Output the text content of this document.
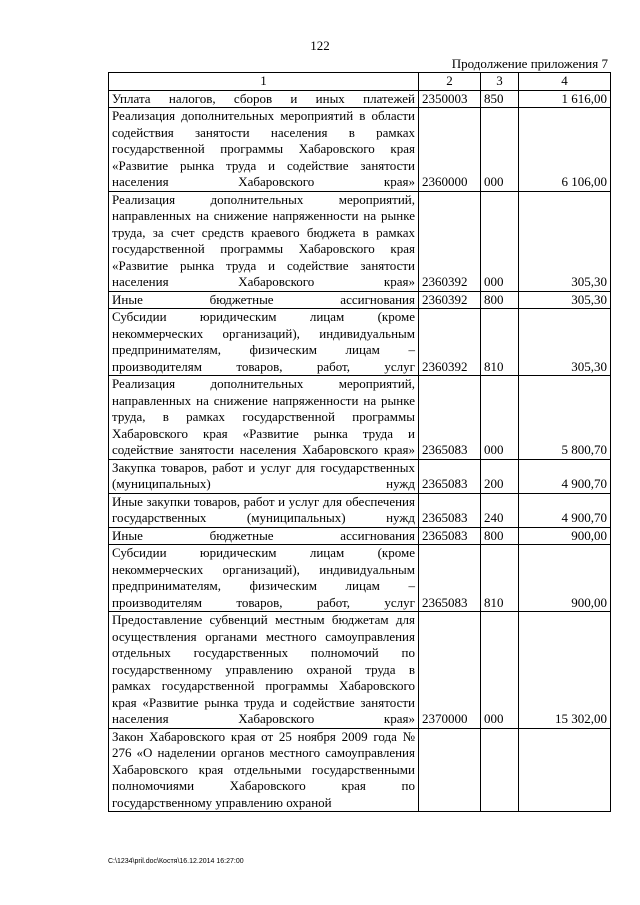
122
Продолжение приложения 7
1	2	3	4
Уплата налогов, сборов и иных платежей	2350003	850	1 616,00
Реализация дополнительных мероприятий в области содействия занятости населения в рамках государственной программы Хабаровского края «Развитие рынка труда и содействие занятости населения Хабаровского края»	2360000	000	6 106,00
Реализация дополнительных мероприятий, направленных на снижение напряженности на рынке труда, за счет средств краевого бюджета в рамках государственной программы Хабаровского края «Развитие рынка труда и содействие занятости населения Хабаровского края»	2360392	000	305,30
Иные бюджетные ассигнования	2360392	800	305,30
Субсидии юридическим лицам (кроме некоммерческих организаций), индивидуальным предпринимателям, физическим лицам – производителям товаров, работ, услуг	2360392	810	305,30
Реализация дополнительных мероприятий, направленных на снижение напряженности на рынке труда, в рамках государственной программы Хабаровского края «Развитие рынка труда и содействие занятости населения Хабаровского края»	2365083	000	5 800,70
Закупка товаров, работ и услуг для государственных (муниципальных) нужд	2365083	200	4 900,70
Иные закупки товаров, работ и услуг для обеспечения государственных (муниципальных) нужд	2365083	240	4 900,70
Иные бюджетные ассигнования	2365083	800	900,00
Субсидии юридическим лицам (кроме некоммерческих организаций), индивидуальным предпринимателям, физическим лицам – производителям товаров, работ, услуг	2365083	810	900,00
Предоставление субвенций местным бюджетам для осуществления органами местного самоуправления отдельных государственных полномочий по государственному управлению охраной труда в рамках государственной программы Хабаровского края «Развитие рынка труда и содействие занятости населения Хабаровского края»	2370000	000	15 302,00
Закон Хабаровского края от 25 ноября 2009 года № 276 «О наделении органов местного самоуправления Хабаровского края отдельными государственными полномочиями Хабаровского края по государственному управлению охраной			
C:\1234\pril.doc\Костя\16.12.2014 16:27:00
